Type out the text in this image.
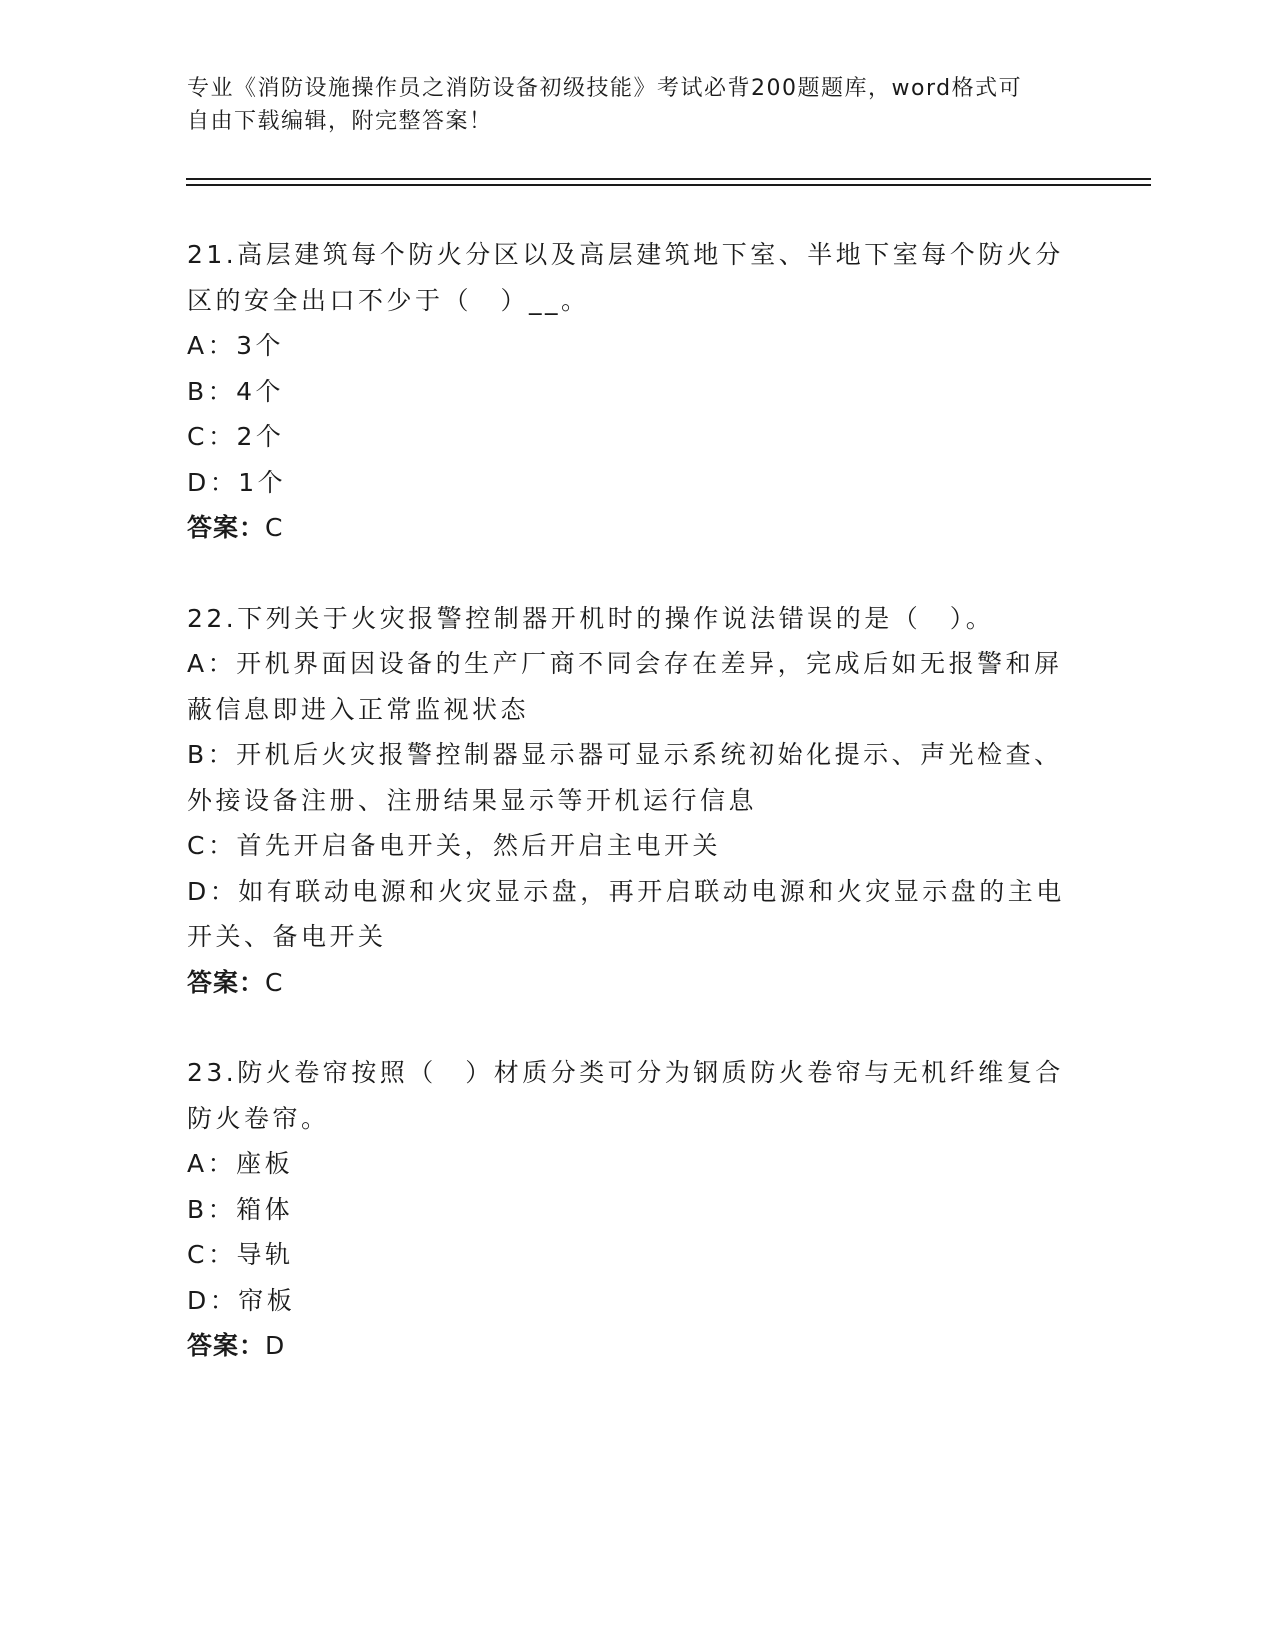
专业《消防设施操作员之消防设备初级技能》考试必背200题题库，word格式可

自由下载编辑，附完整答案！

21.高层建筑每个防火分区以及高层建筑地下室、半地下室每个防火分

区的安全出口不少于（　）__。

A：3个

B：4个

C：2个

D：1个

答案：C

22.下列关于火灾报警控制器开机时的操作说法错误的是（　）。

A：开机界面因设备的生产厂商不同会存在差异，完成后如无报警和屏

蔽信息即进入正常监视状态

B：开机后火灾报警控制器显示器可显示系统初始化提示、声光检查、

外接设备注册、注册结果显示等开机运行信息

C：首先开启备电开关，然后开启主电开关

D：如有联动电源和火灾显示盘，再开启联动电源和火灾显示盘的主电

开关、备电开关

答案：C

23.防火卷帘按照（　）材质分类可分为钢质防火卷帘与无机纤维复合

防火卷帘。

A：座板

B：箱体

C：导轨

D：帘板

答案：D
